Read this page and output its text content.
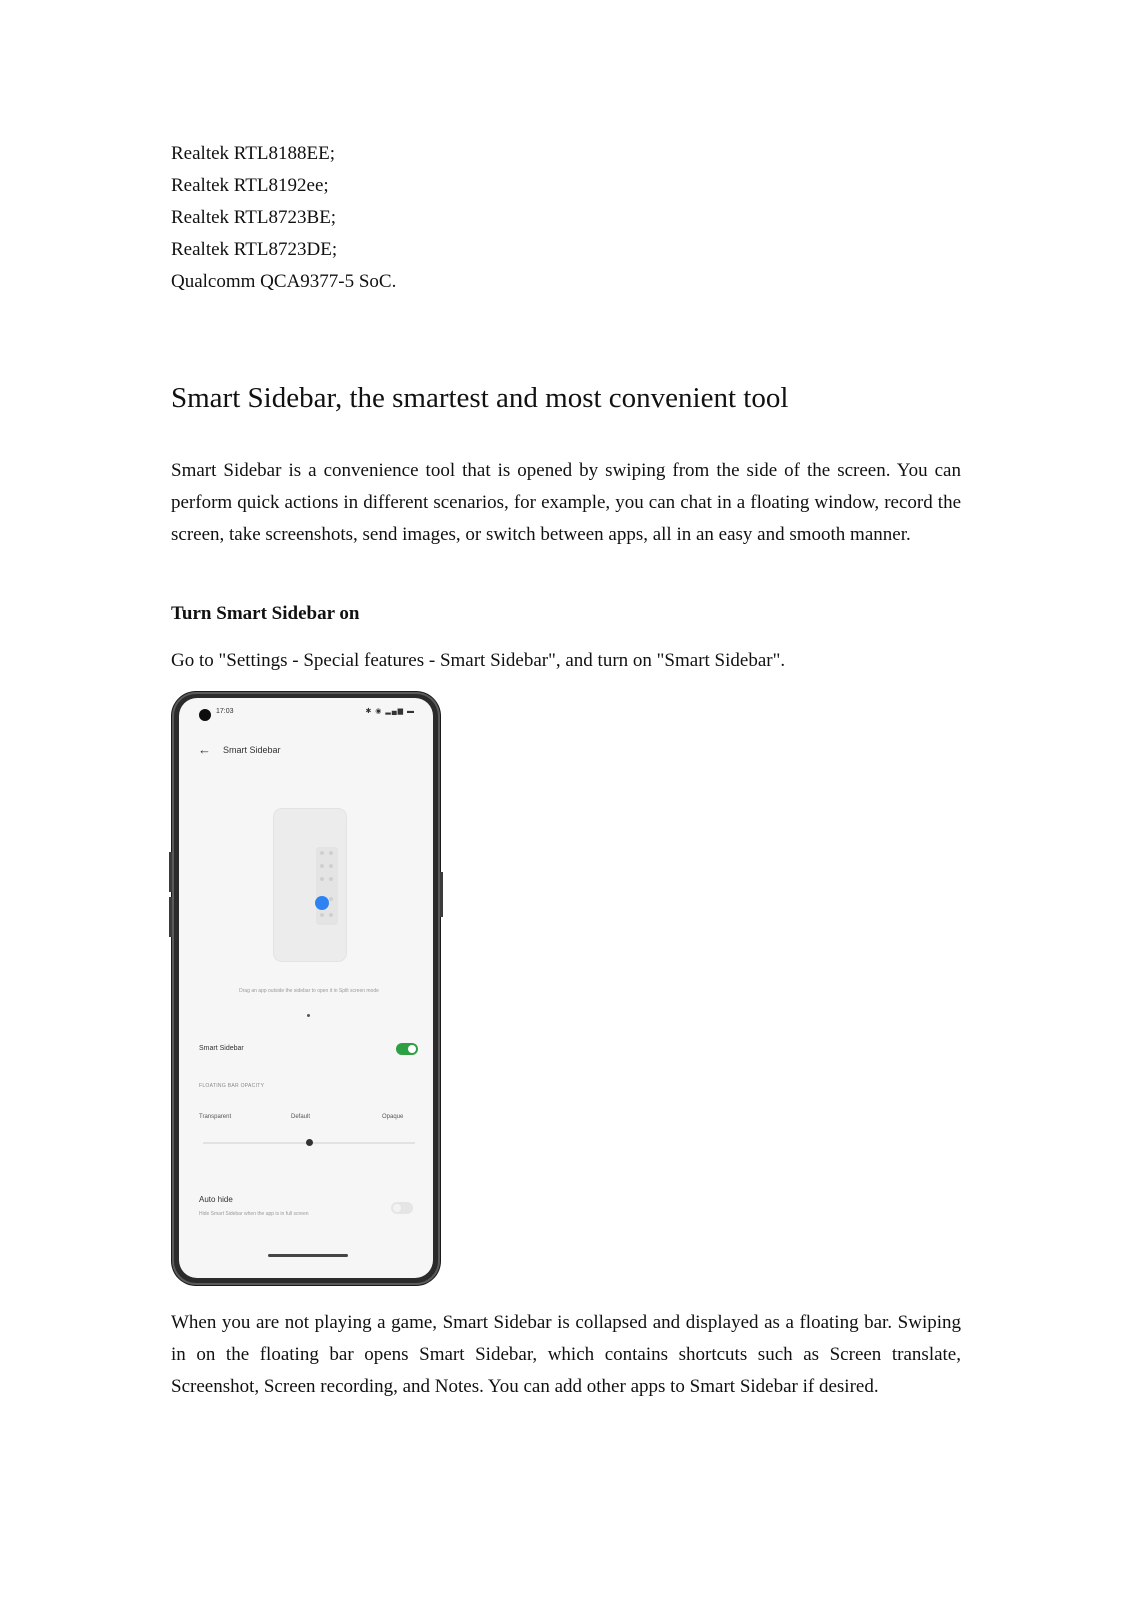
Realtek RTL8188EE;
Realtek RTL8192ee;
Realtek RTL8723BE;
Realtek RTL8723DE;
Qualcomm QCA9377-5 SoC.
Smart Sidebar, the smartest and most convenient tool

Smart Sidebar is a convenience tool that is opened by swiping from the side of the screen. You can perform quick actions in different scenarios, for example, you can chat in a floating window, record the screen, take screenshots, send images, or switch between apps, all in an easy and smooth manner.

Turn Smart Sidebar on

Go to "Settings - Special features - Smart Sidebar", and turn on "Smart Sidebar".

17:03	✱ ◉ ▂▄▆ ▬
← Smart Sidebar
Drag an app outside the sidebar to open it in Split screen mode
Smart Sidebar
FLOATING BAR OPACITY
Transparent	Default	Opaque
Auto hide
Hide Smart Sidebar when the app is in full screen

When you are not playing a game, Smart Sidebar is collapsed and displayed as a floating bar. Swiping in on the floating bar opens Smart Sidebar, which contains shortcuts such as Screen translate, Screenshot, Screen recording, and Notes. You can add other apps to Smart Sidebar if desired.
